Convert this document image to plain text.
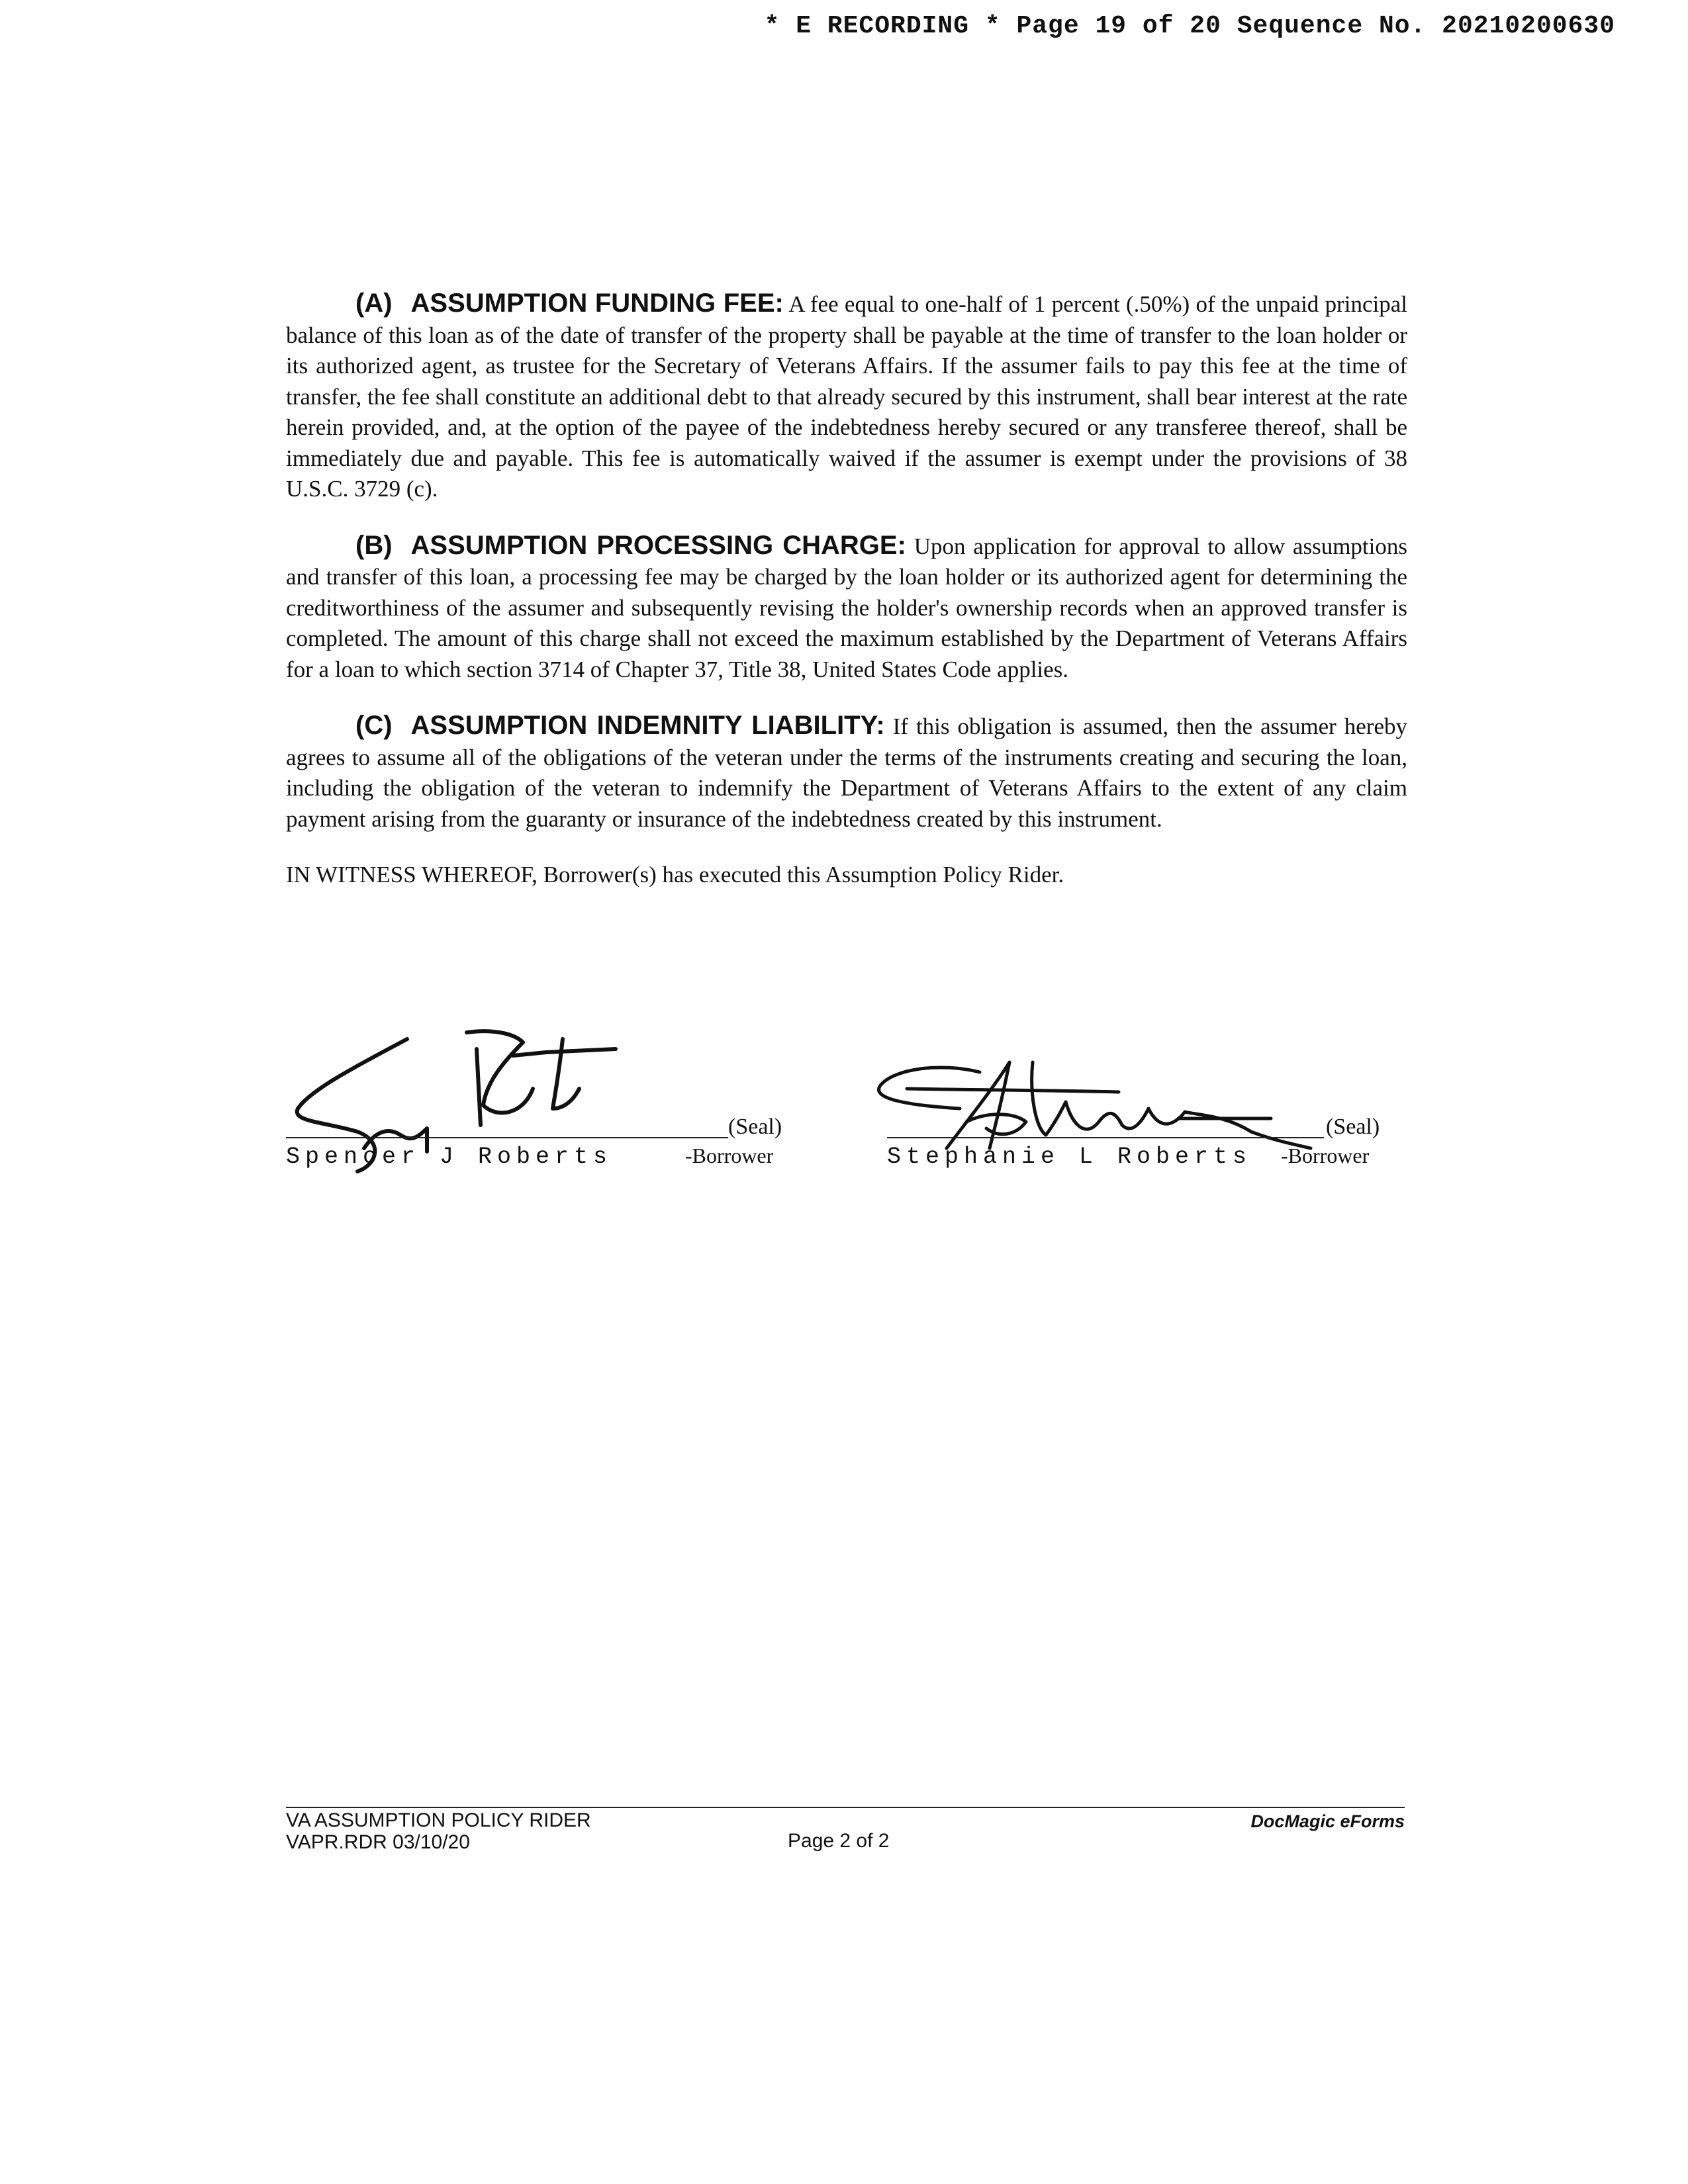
* E RECORDING * Page 19 of 20 Sequence No. 20210200630

(A) ASSUMPTION FUNDING FEE: A fee equal to one-half of 1 percent (.50%) of the unpaid principal balance of this loan as of the date of transfer of the property shall be payable at the time of transfer to the loan holder or its authorized agent, as trustee for the Secretary of Veterans Affairs. If the assumer fails to pay this fee at the time of transfer, the fee shall constitute an additional debt to that already secured by this instrument, shall bear interest at the rate herein provided, and, at the option of the payee of the indebtedness hereby secured or any transferee thereof, shall be immediately due and payable. This fee is automatically waived if the assumer is exempt under the provisions of 38 U.S.C. 3729 (c).

(B) ASSUMPTION PROCESSING CHARGE: Upon application for approval to allow assumptions and transfer of this loan, a processing fee may be charged by the loan holder or its authorized agent for determining the creditworthiness of the assumer and subsequently revising the holder's ownership records when an approved transfer is completed. The amount of this charge shall not exceed the maximum established by the Department of Veterans Affairs for a loan to which section 3714 of Chapter 37, Title 38, United States Code applies.

(C) ASSUMPTION INDEMNITY LIABILITY: If this obligation is assumed, then the assumer hereby agrees to assume all of the obligations of the veteran under the terms of the instruments creating and securing the loan, including the obligation of the veteran to indemnify the Department of Veterans Affairs to the extent of any claim payment arising from the guaranty or insurance of the indebtedness created by this instrument.

IN WITNESS WHEREOF, Borrower(s) has executed this Assumption Policy Rider.

(Seal)
Spencer J Roberts	-Borrower
(Seal)
Stephanie L Roberts -Borrower
VA ASSUMPTION POLICY RIDER
VAPR.RDR 03/10/20	Page 2 of 2
DocMagic eForms
